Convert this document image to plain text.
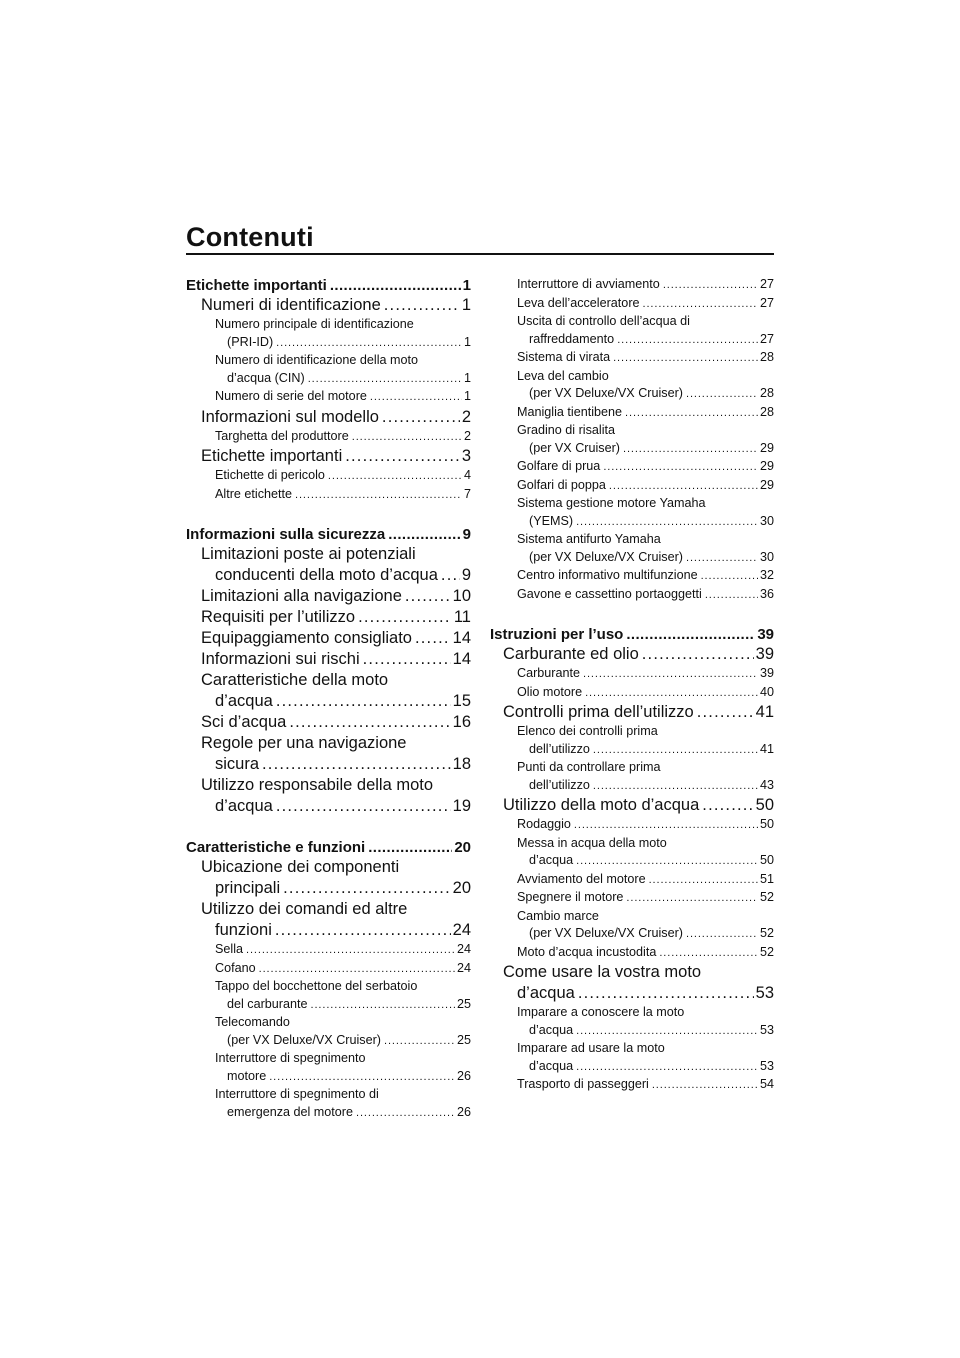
Contenuti
Etichette importanti .....	1
Numeri di identificazione .....	1
Numero principale di identificazione
(PRI-ID) .....	1
Numero di identificazione della moto
d’acqua (CIN) .....	1
Numero di serie del motore .....	1
Informazioni sul modello .....	2
Targhetta del produttore .....	2
Etichette importanti .....	3
Etichette di pericolo .....	4
Altre etichette .....	7
Informazioni sulla sicurezza .....	9
Limitazioni poste ai potenziali
conducenti della moto d’acqua ..... 9
Limitazioni alla navigazione .....	10
Requisiti per l’utilizzo .....	11
Equipaggiamento consigliato ..... 14
Informazioni sui rischi .....	14
Caratteristiche della moto
d’acqua .....	15
Sci d’acqua .....	16
Regole per una navigazione
sicura .....	18
Utilizzo responsabile della moto
d’acqua .....	19
Caratteristiche e funzioni .....	20
Ubicazione dei componenti
principali .....	20
Utilizzo dei comandi ed altre
funzioni .....	24
Sella .....	24
Cofano .....	24
Tappo del bocchettone del serbatoio
del carburante .....	25
Telecomando
(per VX Deluxe/VX Cruiser) .....	25
Interruttore di spegnimento
motore .....	26
Interruttore di spegnimento di
emergenza del motore .....	26
Interruttore di avviamento .....	27
Leva dell’acceleratore .....	27
Uscita di controllo dell’acqua di
raffreddamento .....	27
Sistema di virata .....	28
Leva del cambio
(per VX Deluxe/VX Cruiser) .....	28
Maniglia tientibene .....	28
Gradino di risalita
(per VX Cruiser) .....	29
Golfare di prua .....	29
Golfari di poppa .....	29
Sistema gestione motore Yamaha
(YEMS) .....	30
Sistema antifurto Yamaha
(per VX Deluxe/VX Cruiser) .....	30
Centro informativo multifunzione .....	32
Gavone e cassettino portaoggetti .....	36
Istruzioni per l’uso .....	39
Carburante ed olio .....	39
Carburante .....	39
Olio motore .....	40
Controlli prima dell’utilizzo .....	41
Elenco dei controlli prima
dell’utilizzo .....	41
Punti da controllare prima
dell’utilizzo .....	43
Utilizzo della moto d’acqua .....	50
Rodaggio .....	50
Messa in acqua della moto
d’acqua .....	50
Avviamento del motore .....	51
Spegnere il motore .....	52
Cambio marce
(per VX Deluxe/VX Cruiser) .....	52
Moto d’acqua incustodita .....	52
Come usare la vostra moto
d’acqua .....	53
Imparare a conoscere la moto
d’acqua .....	53
Imparare ad usare la moto
d’acqua .....	53
Trasporto di passeggeri .....	54
